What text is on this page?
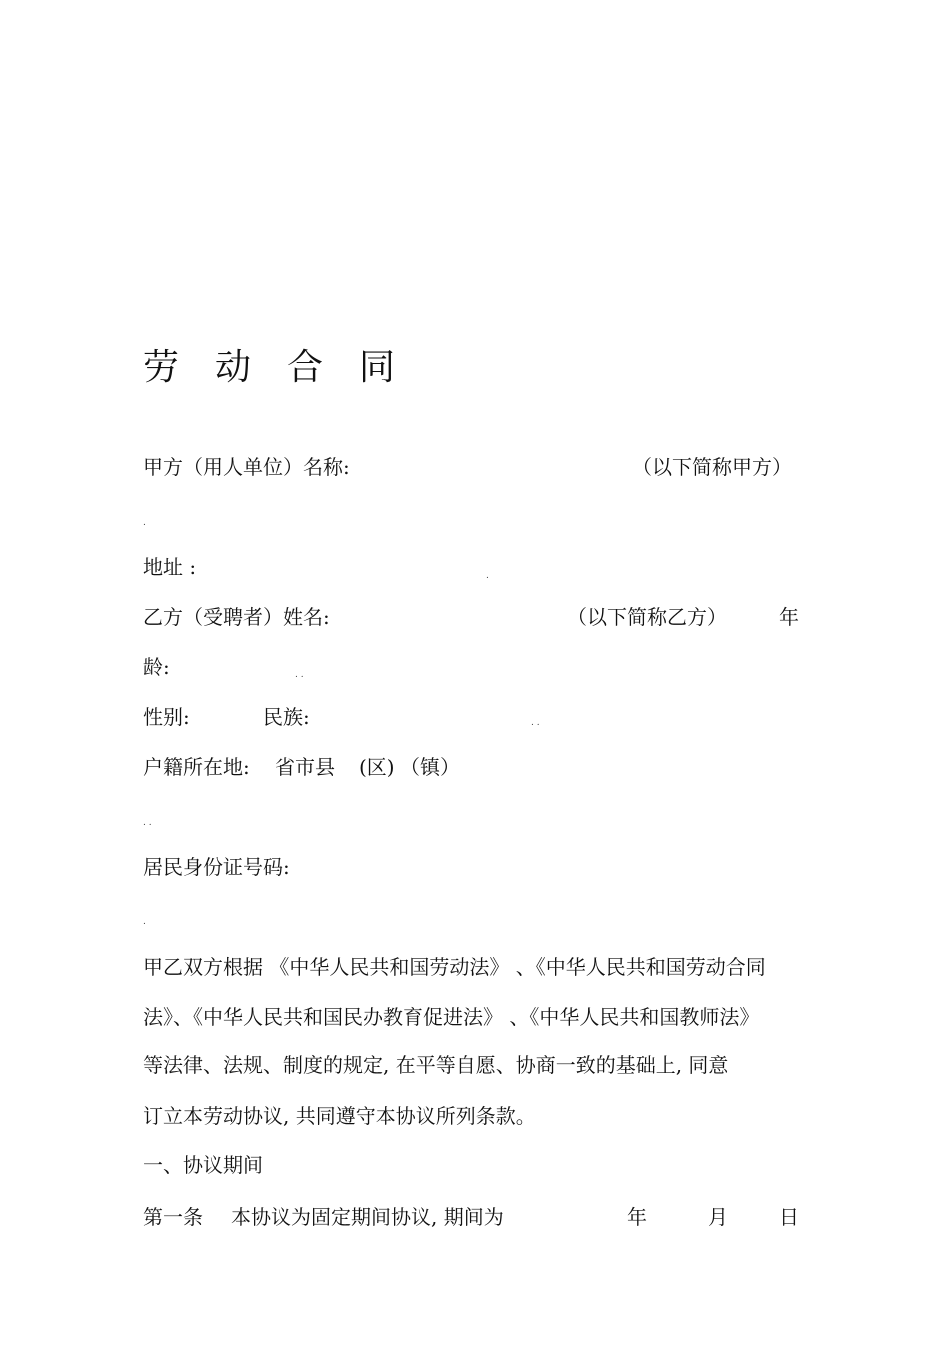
劳动合同
甲方（用人单位）名称:	（以下简称甲方）
.
地址 :	.
乙方（受聘者）姓名:	（以下简称乙方）	年
龄:	. .
性别:	民族:	. .
户籍所在地: 省市县 (区) （镇）
. .
居民身份证号码:
.
甲乙双方根据 《中华人民共和国劳动法》 、《中华人民共和国劳动合同
法》、《中华人民共和国民办教育促进法》 、《中华人民共和国教师法》
等法律、法规、制度的规定, 在平等自愿、协商一致的基础上, 同意
订立本劳动协议, 共同遵守本协议所列条款。
一、协议期间
第一条 本协议为固定期间协议, 期间为	年	月	日
